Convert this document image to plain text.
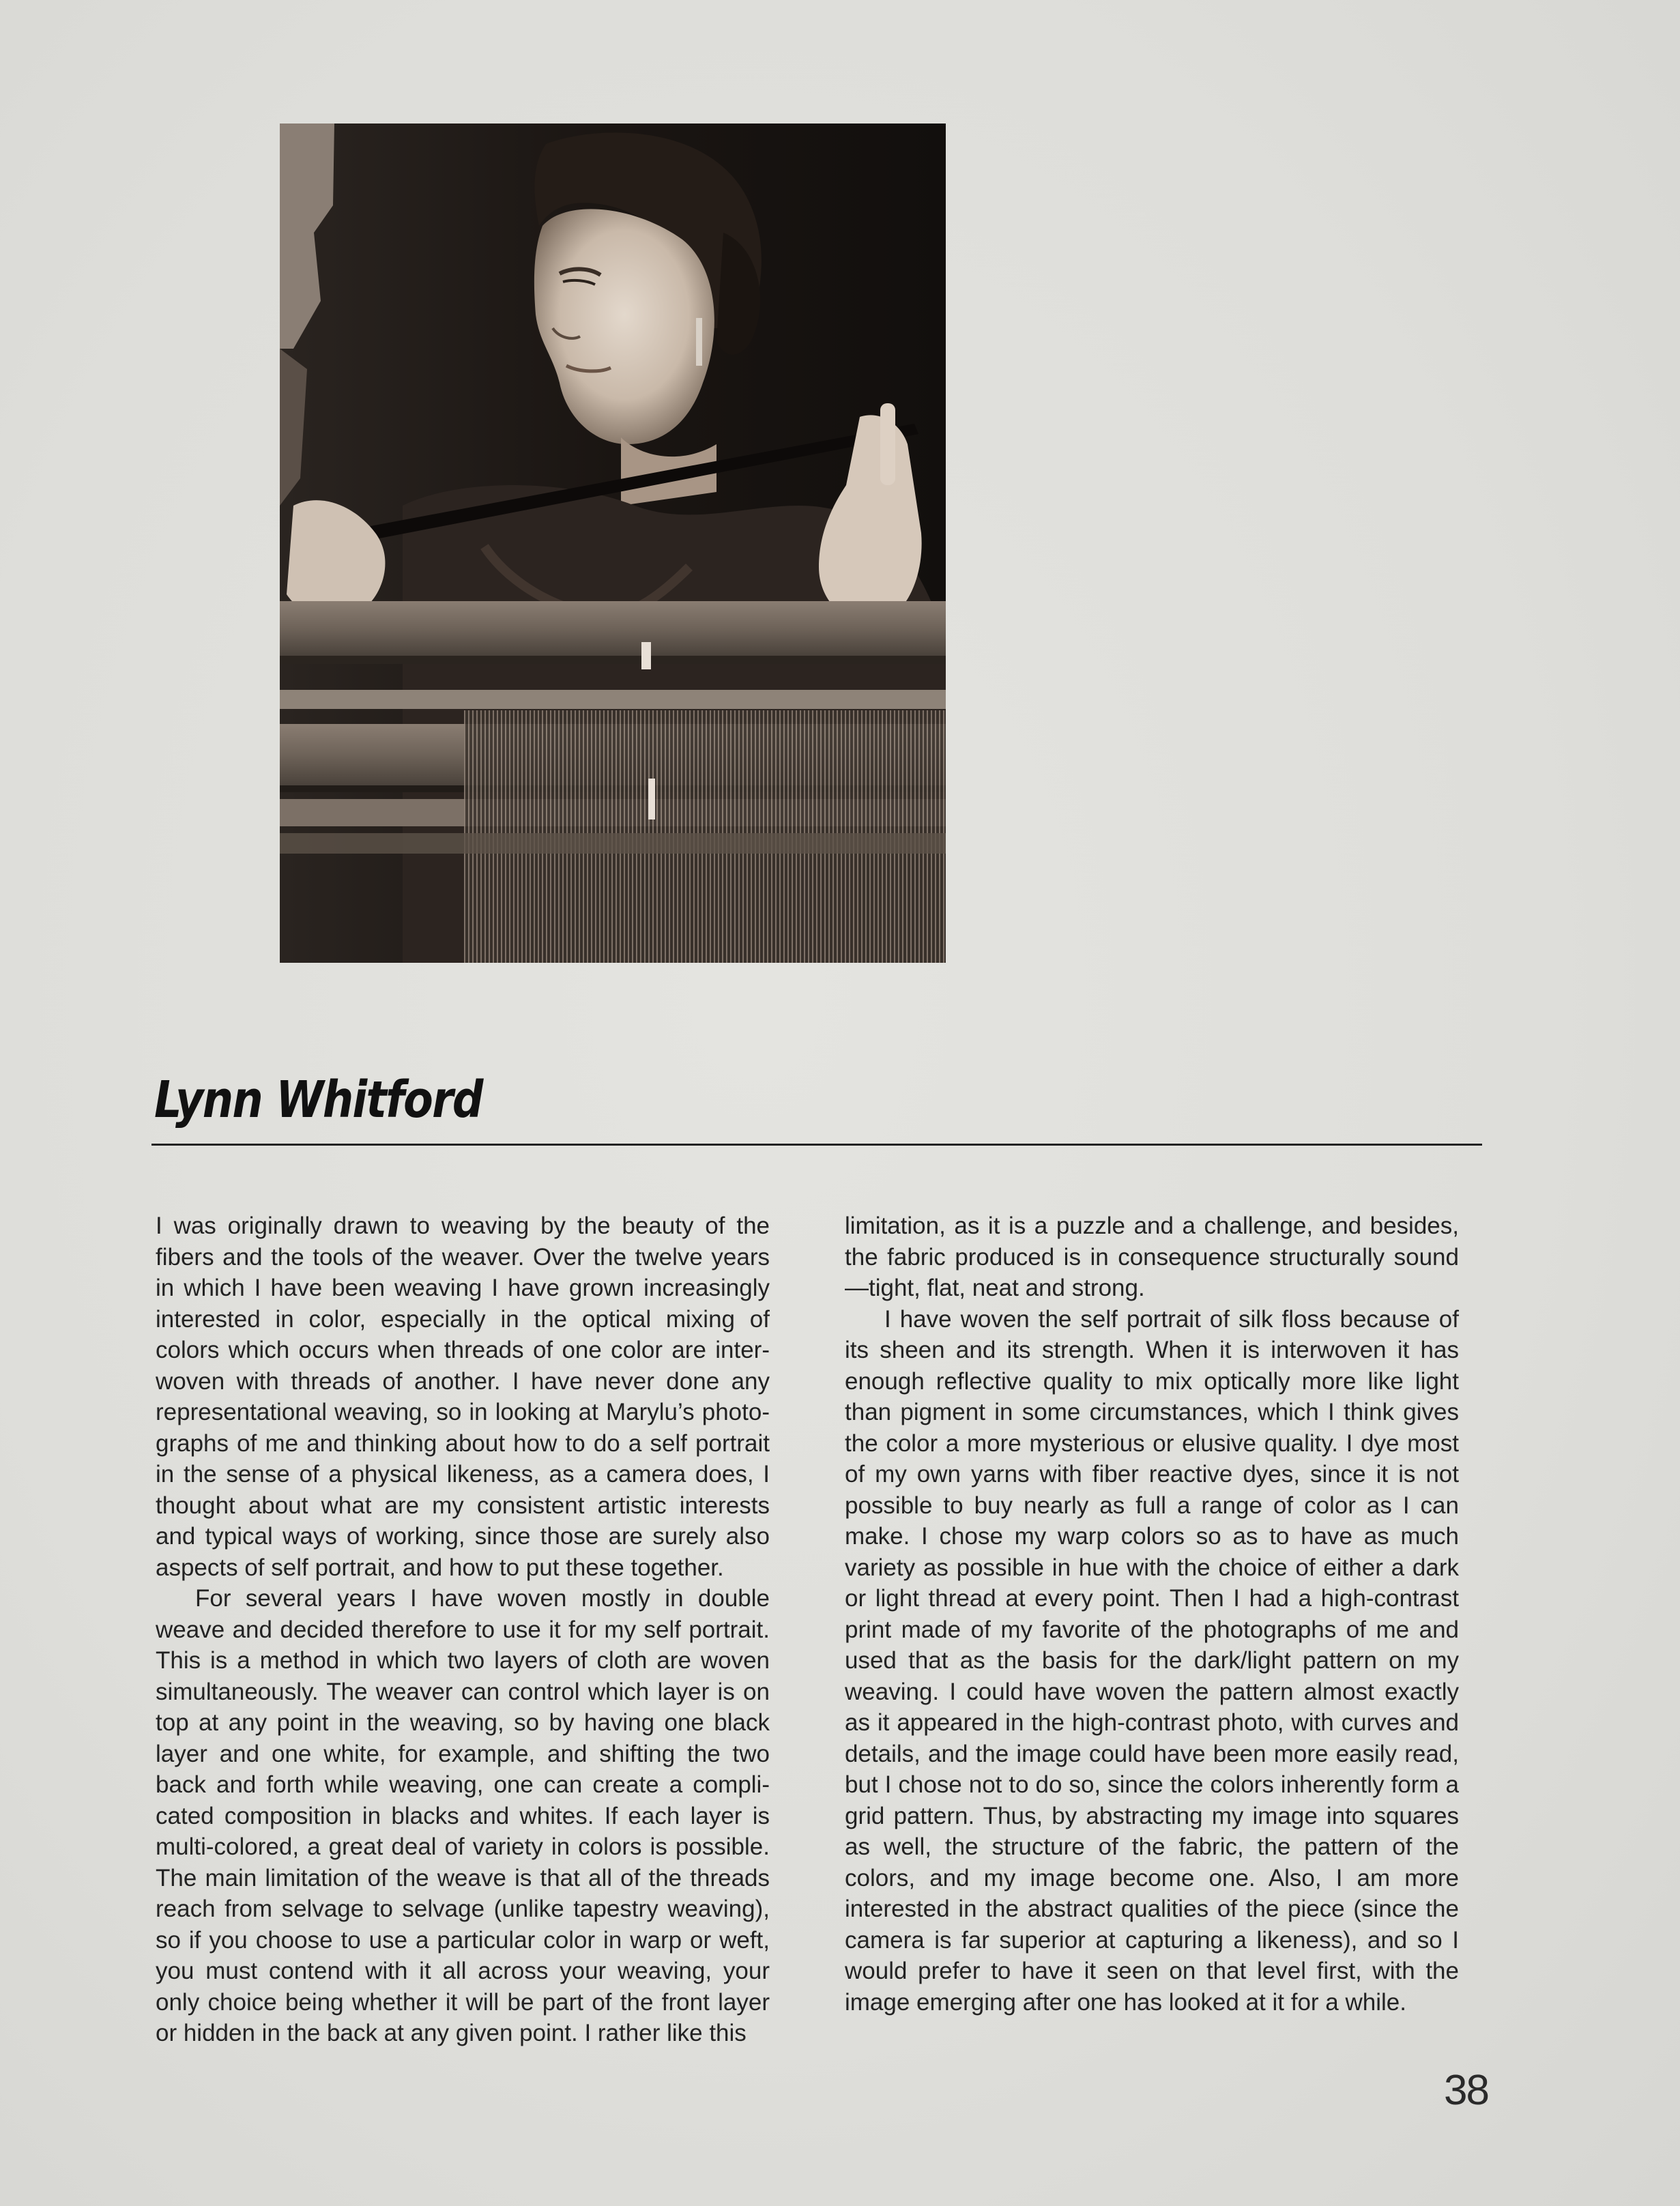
Lynn Whitford

I was originally drawn to weaving by the beauty of the fibers and the tools of the weaver. Over the twelve years in which I have been weaving I have grown increasingly interested in color, especially in the optical mixing of colors which occurs when threads of one color are inter-woven with threads of another. I have never done any representational weaving, so in looking at Marylu’s photo-graphs of me and thinking about how to do a self portrait in the sense of a physical likeness, as a camera does, I thought about what are my consistent artistic interests and typical ways of working, since those are surely also aspects of self portrait, and how to put these together.

For several years I have woven mostly in double weave and decided therefore to use it for my self portrait. This is a method in which two layers of cloth are woven simultaneously. The weaver can control which layer is on top at any point in the weaving, so by having one black layer and one white, for example, and shifting the two back and forth while weaving, one can create a compli-cated composition in blacks and whites. If each layer is multi-colored, a great deal of variety in colors is possible. The main limitation of the weave is that all of the threads reach from selvage to selvage (unlike tapestry weaving), so if you choose to use a particular color in warp or weft, you must contend with it all across your weaving, your only choice being whether it will be part of the front layer or hidden in the back at any given point. I rather like this

limitation, as it is a puzzle and a challenge, and besides, the fabric produced is in consequence structurally sound —tight, flat, neat and strong.

I have woven the self portrait of silk floss because of its sheen and its strength. When it is interwoven it has enough reflective quality to mix optically more like light than pigment in some circumstances, which I think gives the color a more mysterious or elusive quality. I dye most of my own yarns with fiber reactive dyes, since it is not possible to buy nearly as full a range of color as I can make. I chose my warp colors so as to have as much variety as possible in hue with the choice of either a dark or light thread at every point. Then I had a high-contrast print made of my favorite of the photographs of me and used that as the basis for the dark/light pattern on my weaving. I could have woven the pattern almost exactly as it appeared in the high-contrast photo, with curves and details, and the image could have been more easily read, but I chose not to do so, since the colors inherently form a grid pattern. Thus, by abstracting my image into squares as well, the structure of the fabric, the pattern of the colors, and my image become one. Also, I am more interested in the abstract qualities of the piece (since the camera is far superior at capturing a likeness), and so I would prefer to have it seen on that level first, with the image emerging after one has looked at it for a while.

38
